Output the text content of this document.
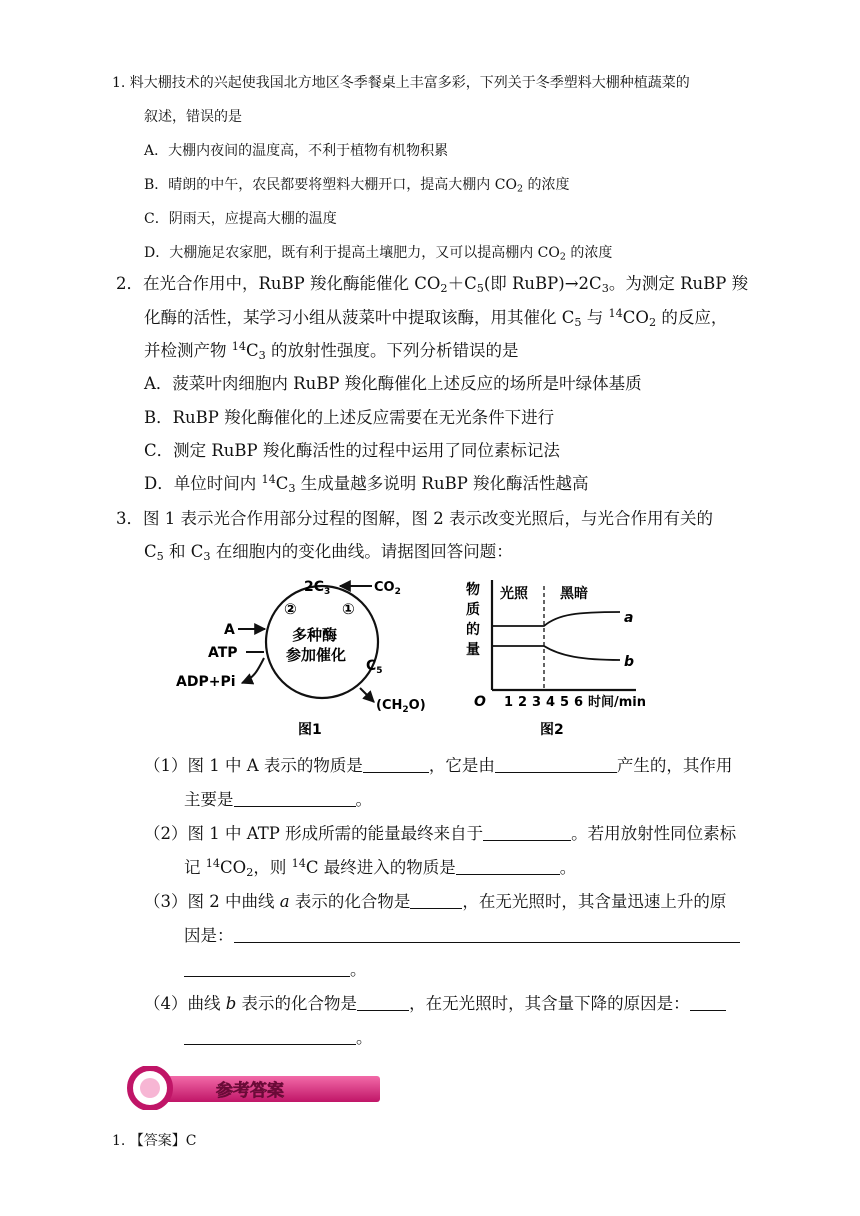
1. 料大棚技术的兴起使我国北方地区冬季餐桌上丰富多彩，下列关于冬季塑料大棚种植蔬菜的
叙述，错误的是
A．大棚内夜间的温度高，不利于植物有机物积累
B．晴朗的中午，农民都要将塑料大棚开口，提高大棚内 $CO_2$ 的浓度
C．阴雨天，应提高大棚的温度
D．大棚施足农家肥，既有利于提高土壤肥力，又可以提高棚内 $CO_2$ 的浓度
2．在光合作用中，RuBP 羧化酶能催化 $CO_2+C_5$(即 $RuBP)\to 2C_3$。为测定 RuBP 羧
化酶的活性，某学习小组从菠菜叶中提取该酶，用其催化 $C_5$ 与 $^{14}CO_2$ 的反应，
并检测产物 $^{14}C_3$ 的放射性强度。下列分析错误的是
A．菠菜叶肉细胞内 RuBP 羧化酶催化上述反应的场所是叶绿体基质
B．RuBP 羧化酶催化的上述反应需要在无光条件下进行
C．测定 RuBP 羧化酶活性的过程中运用了同位素标记法
D．单位时间内 $^{14}C_3$ 生成量越多说明 RuBP 羧化酶活性越高
3．图 1 表示光合作用部分过程的图解，图 2 表示改变光照后，与光合作用有关的
$C_5$ 和 $C_3$ 在细胞内的变化曲线。请据图回答问题：
$2C_3$	$CO_2$
②	①
多种酶
参加催化
A
ATP
ADP+Pi
$C_5$
$(CH_2O)$
图1
物
质
的
量
光照 黑暗
a
b
O 1 2 3 4 5 6 时间/min
图2
（1）图 1 中 A 表示的物质是	，它是由	产生的，其作用
主要是	。
（2）图 1 中 ATP 形成所需的能量最终来自于	。若用放射性同位素标
记 $^{14}CO_2$，则 $^{14}$C 最终进入的物质是	。
（3）图 2 中曲线 a 表示的化合物是	，在无光照时，其含量迅速上升的原
因是：
。
（4）曲线 b 表示的化合物是	，在无光照时，其含量下降的原因是：
。
参考答案
1. 【答案】C
